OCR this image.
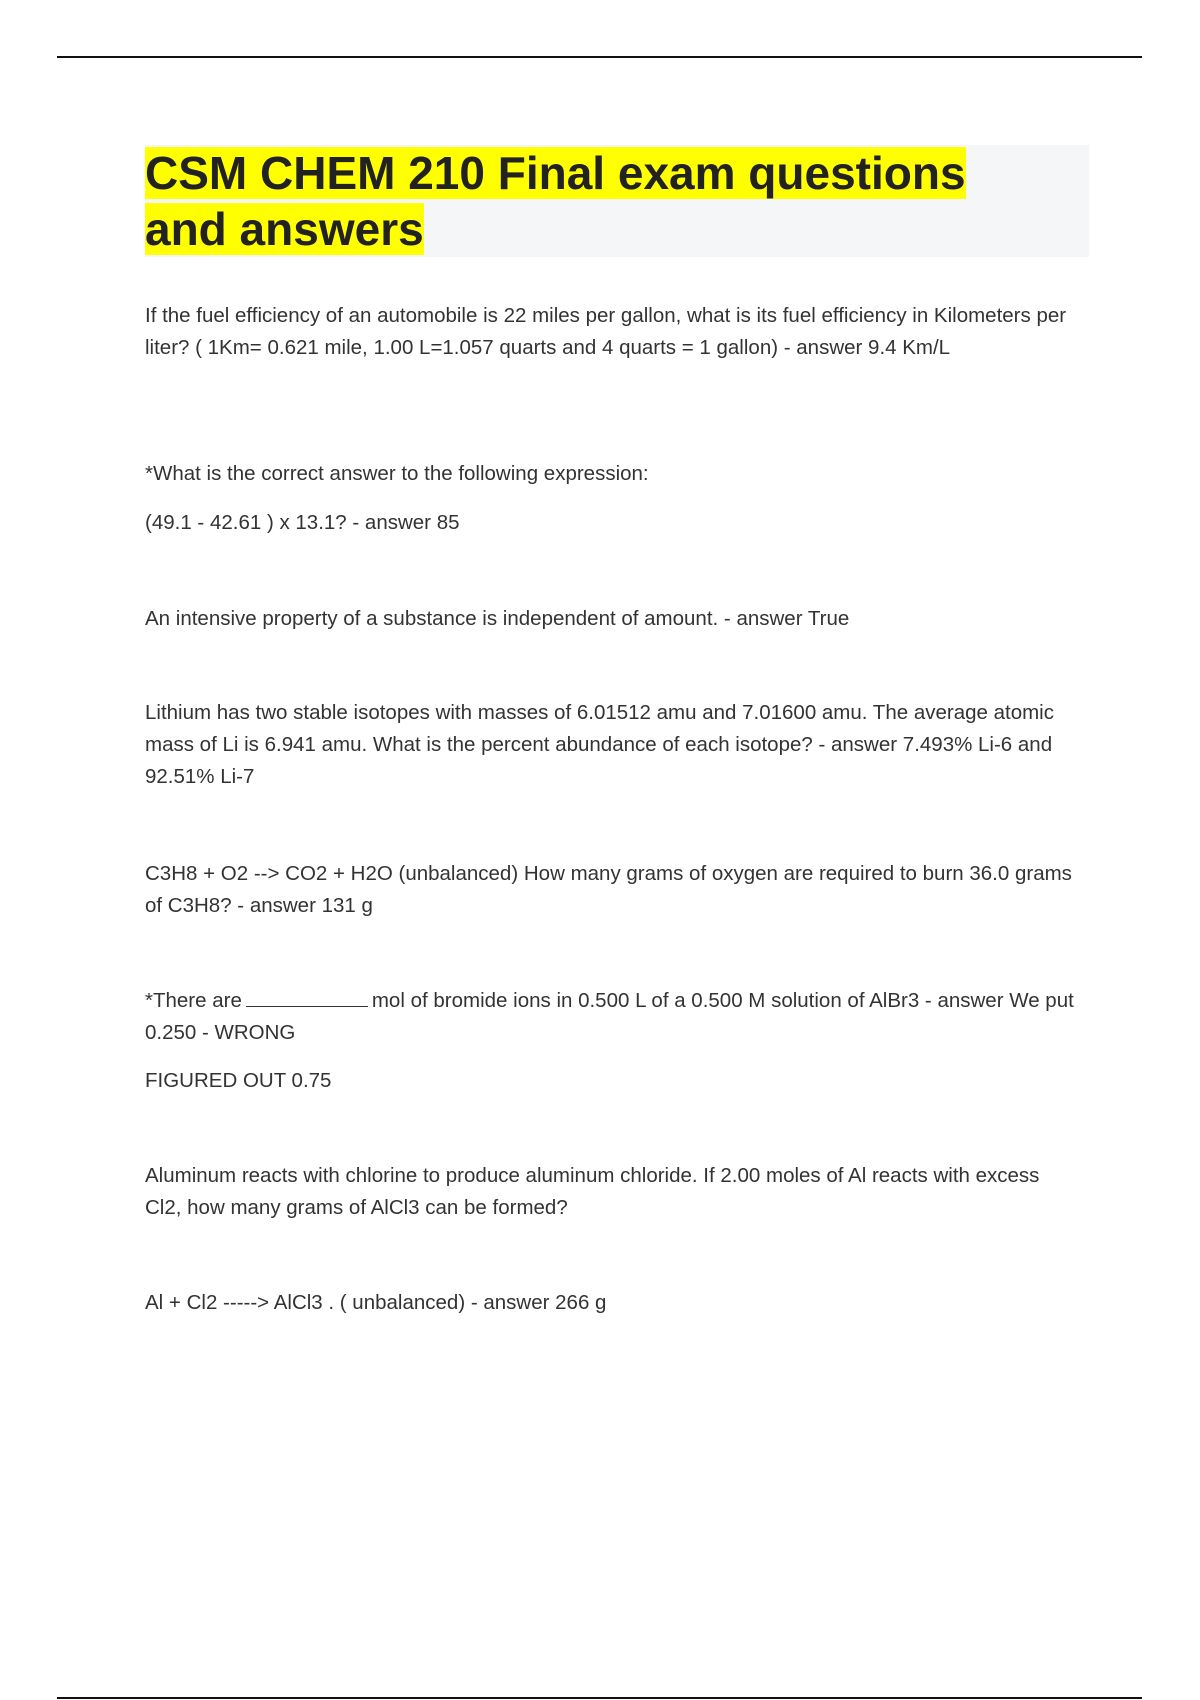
CSM CHEM 210 Final exam questions and answers

If the fuel efficiency of an automobile is 22 miles per gallon, what is its fuel efficiency in Kilometers per liter? ( 1Km= 0.621 mile, 1.00 L=1.057 quarts and 4 quarts = 1 gallon) - answer 9.4 Km/L

*What is the correct answer to the following expression:

(49.1 - 42.61 ) x 13.1? - answer 85

An intensive property of a substance is independent of amount. - answer True

Lithium has two stable isotopes with masses of 6.01512 amu and 7.01600 amu. The average atomic mass of Li is 6.941 amu. What is the percent abundance of each isotope? - answer 7.493% Li-6 and 92.51% Li-7

C3H8 + O2 --> CO2 + H2O (unbalanced) How many grams of oxygen are required to burn 36.0 grams of C3H8? - answer 131 g

*There are	mol of bromide ions in 0.500 L of a 0.500 M solution of AlBr3 - answer We put 0.250 - WRONG

FIGURED OUT 0.75

Aluminum reacts with chlorine to produce aluminum chloride. If 2.00 moles of Al reacts with excess Cl2, how many grams of AlCl3 can be formed?

Al + Cl2 -----> AlCl3 . ( unbalanced) - answer 266 g
